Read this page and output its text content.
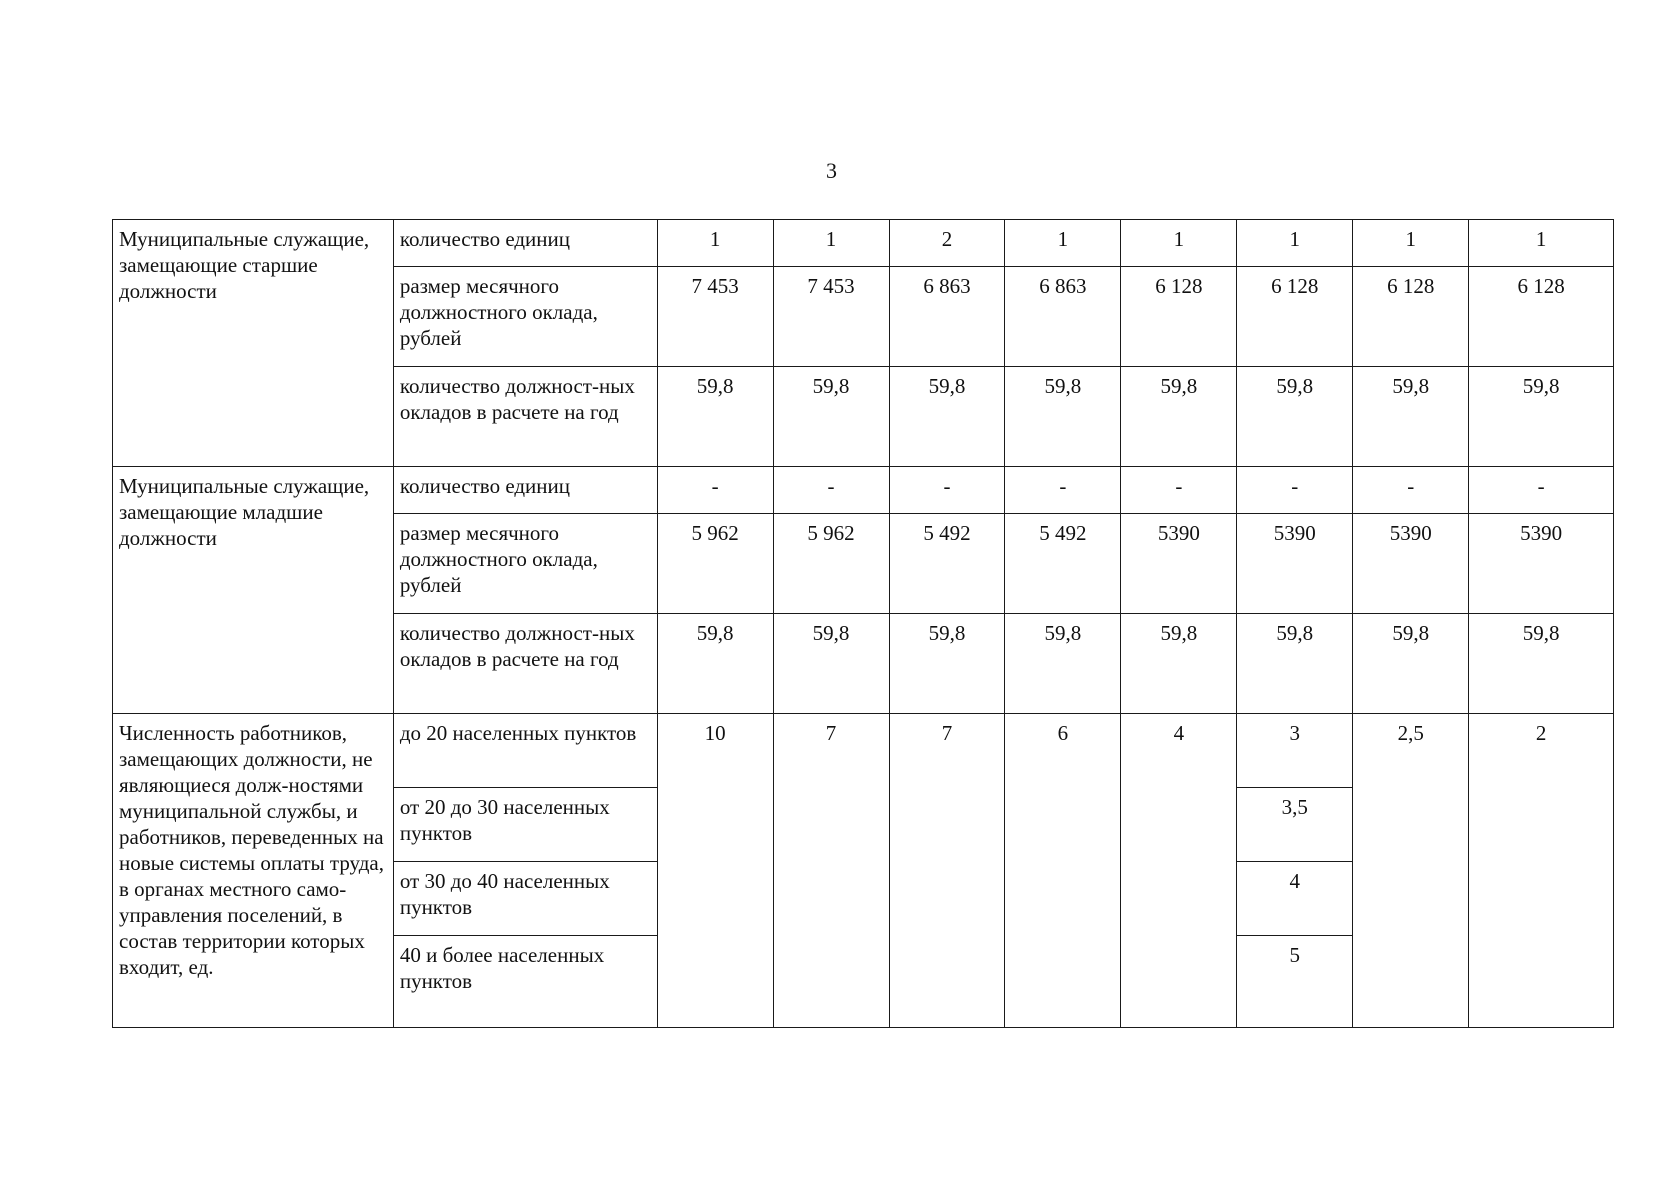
3
Муниципальные служащие, замещающие старшие должности	количество единиц	1	1	2	1	1	1	1	1
	размер месячного должностного оклада, рублей	7 453	7 453	6 863	6 863	6 128	6 128	6 128	6 128
	количество должност-ных окладов в расчете на год	59,8	59,8	59,8	59,8	59,8	59,8	59,8	59,8
Муниципальные служащие, замещающие младшие должности	количество единиц	-	-	-	-	-	-	-	-
	размер месячного должностного оклада, рублей	5 962	5 962	5 492	5 492	5390	5390	5390	5390
	количество должност-ных окладов в расчете на год	59,8	59,8	59,8	59,8	59,8	59,8	59,8	59,8
Численность работников, замещающих должности, не являющиеся долж-ностями муниципальной службы, и работников, переведенных на новые системы оплаты труда, в органах местного само-управления поселений, в состав территории которых входит, ед.	до 20 населенных пунктов	10	7	7	6	4	3	2,5	2
	от 20 до 30 населенных пунктов						3,5		
	от 30 до 40 населенных пунктов						4		
	40 и более населенных пунктов						5		
